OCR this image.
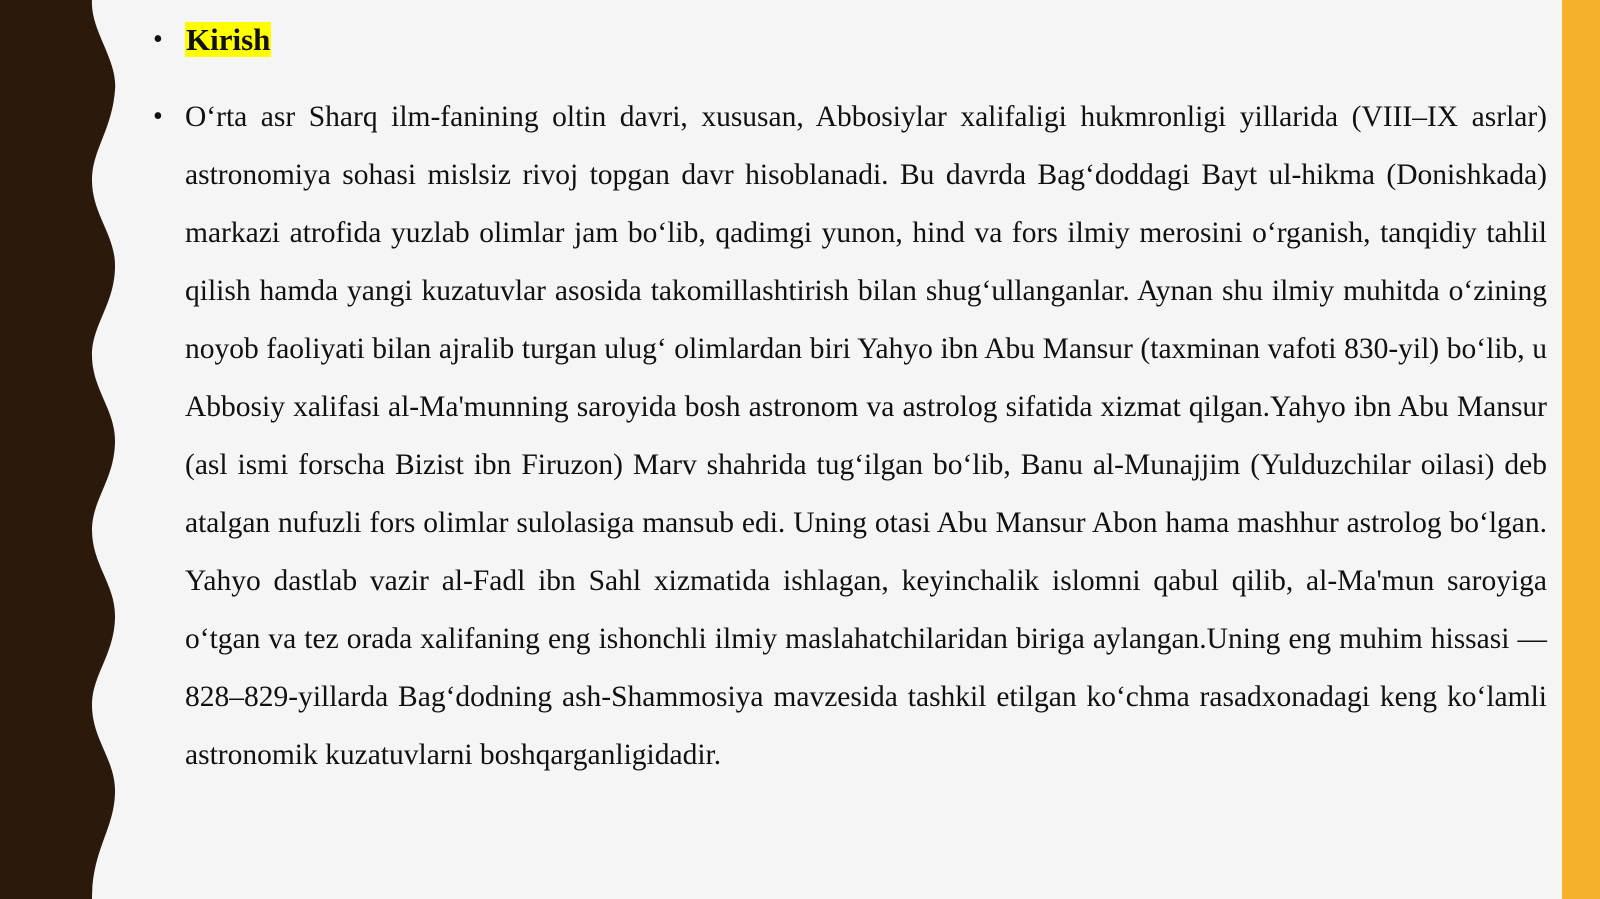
• Kirish
• O‘rta asr Sharq ilm-fanining oltin davri, xususan, Abbosiylar xalifaligi hukmronligi yillarida (VIII–IX asrlar) astronomiya sohasi mislsiz rivoj topgan davr hisoblanadi. Bu davrda Bag‘doddagi Bayt ul-hikma (Donishkada) markazi atrofida yuzlab olimlar jam bo‘lib, qadimgi yunon, hind va fors ilmiy merosini o‘rganish, tanqidiy tahlil qilish hamda yangi kuzatuvlar asosida takomillashtirish bilan shug‘ullanganlar. Aynan shu ilmiy muhitda o‘zining noyob faoliyati bilan ajralib turgan ulug‘ olimlardan biri Yahyo ibn Abu Mansur (taxminan vafoti 830-yil) bo‘lib, u Abbosiy xalifasi al-Ma'munning saroyida bosh astronom va astrolog sifatida xizmat qilgan.Yahyo ibn Abu Mansur (asl ismi forscha Bizist ibn Firuzon) Marv shahrida tug‘ilgan bo‘lib, Banu al-Munajjim (Yulduzchilar oilasi) deb atalgan nufuzli fors olimlar sulolasiga mansub edi. Uning otasi Abu Mansur Abon hama mashhur astrolog bo‘lgan. Yahyo dastlab vazir al-Fadl ibn Sahl xizmatida ishlagan, keyinchalik islomni qabul qilib, al-Ma'mun saroyiga o‘tgan va tez orada xalifaning eng ishonchli ilmiy maslahatchilaridan biriga aylangan.Uning eng muhim hissasi — 828–829-yillarda Bag‘dodning ash-Shammosiya mavzesida tashkil etilgan ko‘chma rasadxonadagi keng ko‘lamli astronomik kuzatuvlarni boshqarganligidadir.
